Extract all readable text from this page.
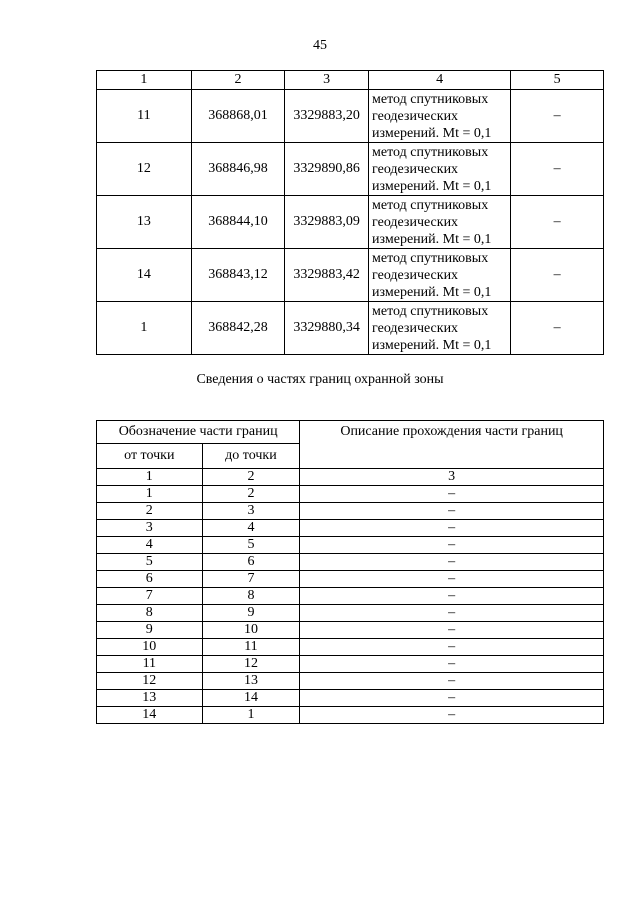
45
1	2	3	4	5
11	368868,01	3329883,20	метод спутниковых
геодезических
измерений. Mt = 0,1	–
12	368846,98	3329890,86	метод спутниковых
геодезических
измерений. Mt = 0,1	–
13	368844,10	3329883,09	метод спутниковых
геодезических
измерений. Mt = 0,1	–
14	368843,12	3329883,42	метод спутниковых
геодезических
измерений. Mt = 0,1	–
1	368842,28	3329880,34	метод спутниковых
геодезических
измерений. Mt = 0,1	–
Сведения о частях границ охранной зоны
Обозначение части границ		Описание прохождения части границ
от точки	до точки	
1	2	3
1	2	–
2	3	–
3	4	–
4	5	–
5	6	–
6	7	–
7	8	–
8	9	–
9	10	–
10	11	–
11	12	–
12	13	–
13	14	–
14	1	–
